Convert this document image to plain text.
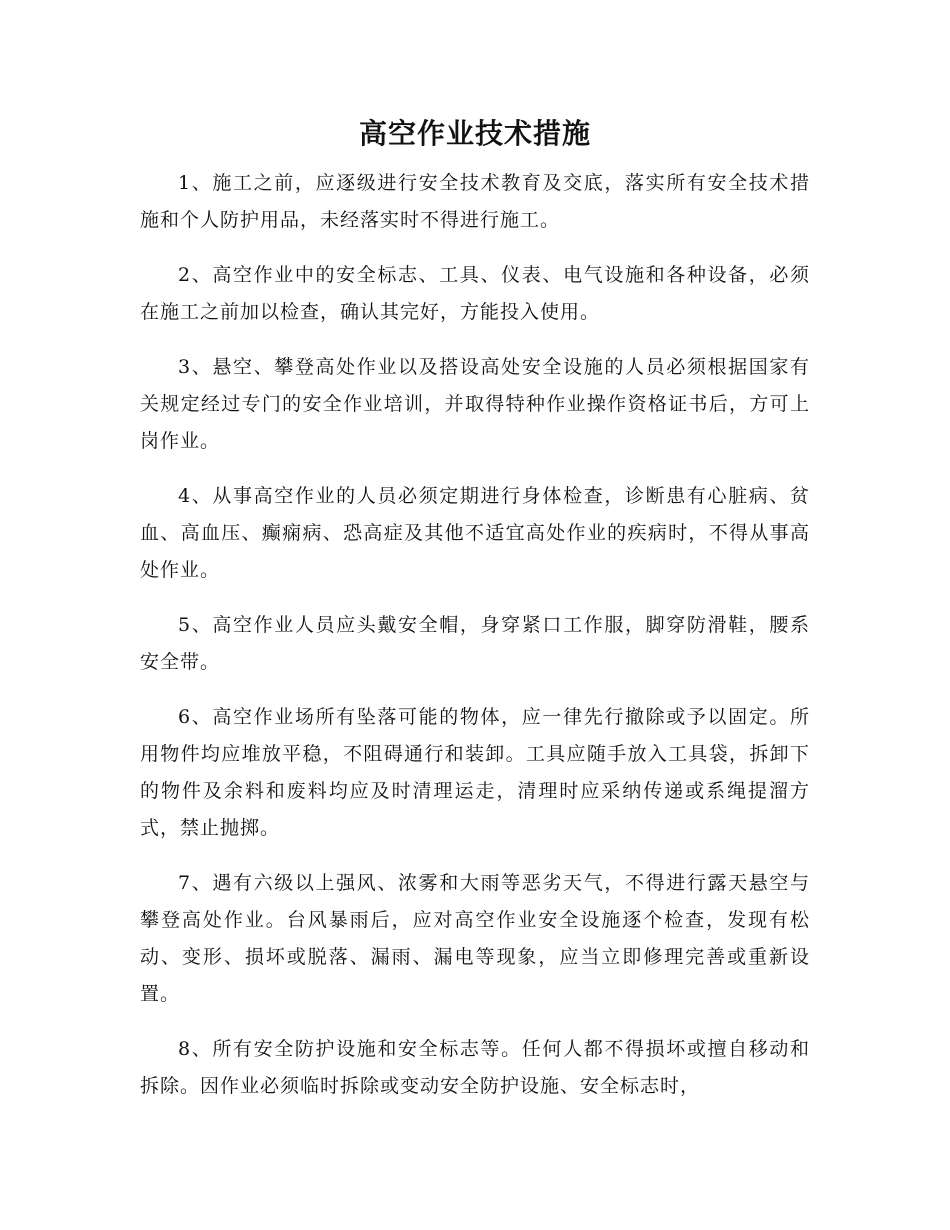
高空作业技术措施

1、施工之前，应逐级进行安全技术教育及交底，落实所有安全技术措施和个人防护用品，未经落实时不得进行施工。

2、高空作业中的安全标志、工具、仪表、电气设施和各种设备，必须在施工之前加以检查，确认其完好，方能投入使用。

3、悬空、攀登高处作业以及搭设高处安全设施的人员必须根据国家有关规定经过专门的安全作业培训，并取得特种作业操作资格证书后，方可上岗作业。

4、从事高空作业的人员必须定期进行身体检查，诊断患有心脏病、贫血、高血压、癫痫病、恐高症及其他不适宜高处作业的疾病时，不得从事高处作业。

5、高空作业人员应头戴安全帽，身穿紧口工作服，脚穿防滑鞋，腰系安全带。

6、高空作业场所有坠落可能的物体，应一律先行撤除或予以固定。所用物件均应堆放平稳，不阻碍通行和装卸。工具应随手放入工具袋，拆卸下的物件及余料和废料均应及时清理运走，清理时应采纳传递或系绳提溜方式，禁止抛掷。

7、遇有六级以上强风、浓雾和大雨等恶劣天气，不得进行露天悬空与攀登高处作业。台风暴雨后，应对高空作业安全设施逐个检查，发现有松动、变形、损坏或脱落、漏雨、漏电等现象，应当立即修理完善或重新设置。

8、所有安全防护设施和安全标志等。任何人都不得损坏或擅自移动和拆除。因作业必须临时拆除或变动安全防护设施、安全标志时，
